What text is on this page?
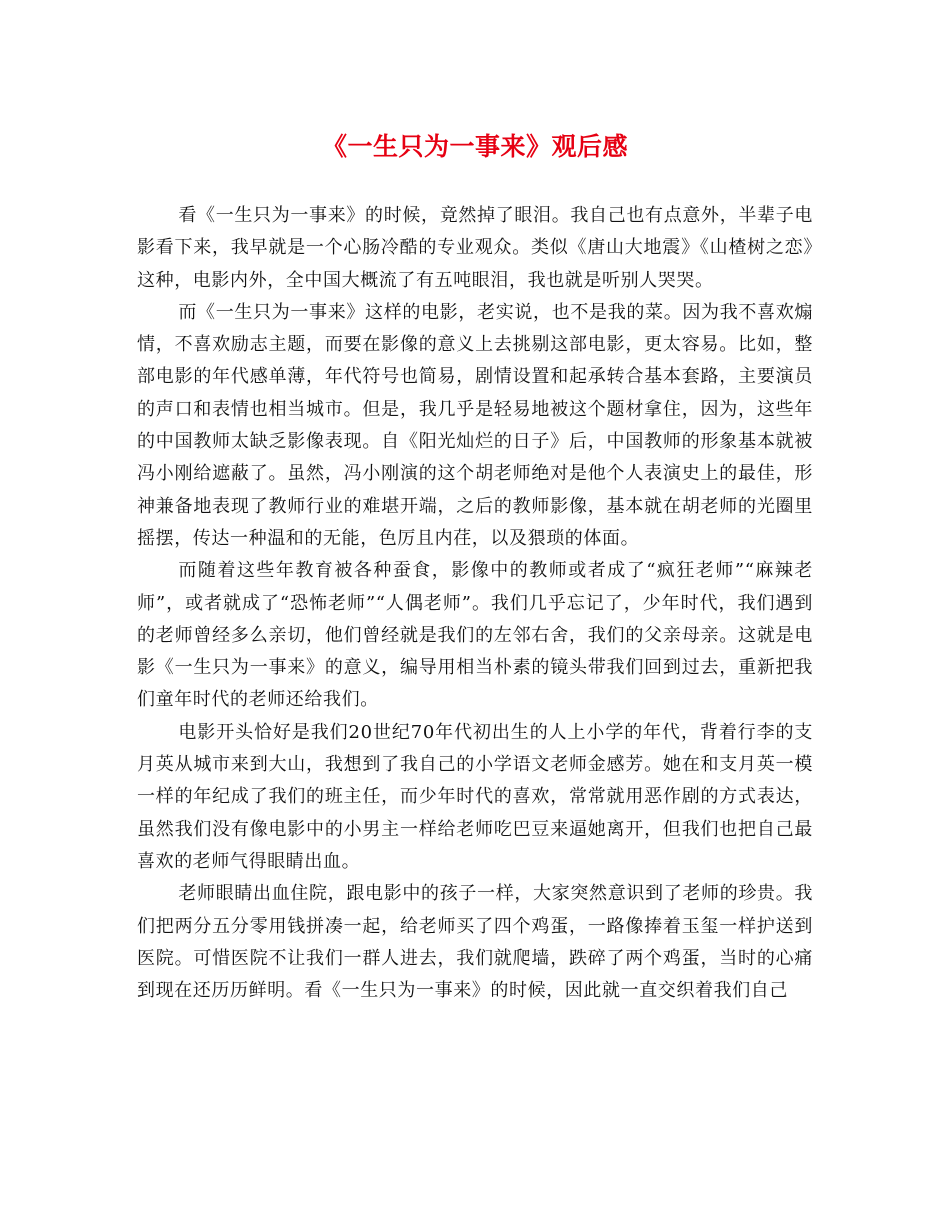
《一生只为一事来》观后感

看《一生只为一事来》的时候，竟然掉了眼泪。我自己也有点意外，半辈子电影看下来，我早就是一个心肠冷酷的专业观众。类似《唐山大地震》《山楂树之恋》这种，电影内外，全中国大概流了有五吨眼泪，我也就是听别人哭哭。

而《一生只为一事来》这样的电影，老实说，也不是我的菜。因为我不喜欢煽情，不喜欢励志主题，而要在影像的意义上去挑剔这部电影，更太容易。比如，整部电影的年代感单薄，年代符号也简易，剧情设置和起承转合基本套路，主要演员的声口和表情也相当城市。但是，我几乎是轻易地被这个题材拿住，因为，这些年的中国教师太缺乏影像表现。自《阳光灿烂的日子》后，中国教师的形象基本就被冯小刚给遮蔽了。虽然，冯小刚演的这个胡老师绝对是他个人表演史上的最佳，形神兼备地表现了教师行业的难堪开端，之后的教师影像，基本就在胡老师的光圈里摇摆，传达一种温和的无能，色厉且内荏，以及猥琐的体面。

而随着这些年教育被各种蚕食，影像中的教师或者成了“疯狂老师”“麻辣老师”，或者就成了“恐怖老师”“人偶老师”。我们几乎忘记了，少年时代，我们遇到的老师曾经多么亲切，他们曾经就是我们的左邻右舍，我们的父亲母亲。这就是电影《一生只为一事来》的意义，编导用相当朴素的镜头带我们回到过去，重新把我们童年时代的老师还给我们。

电影开头恰好是我们20世纪70年代初出生的人上小学的年代，背着行李的支月英从城市来到大山，我想到了我自己的小学语文老师金感芳。她在和支月英一模一样的年纪成了我们的班主任，而少年时代的喜欢，常常就用恶作剧的方式表达，虽然我们没有像电影中的小男主一样给老师吃巴豆来逼她离开，但我们也把自己最喜欢的老师气得眼睛出血。

老师眼睛出血住院，跟电影中的孩子一样，大家突然意识到了老师的珍贵。我们把两分五分零用钱拼凑一起，给老师买了四个鸡蛋，一路像捧着玉玺一样护送到医院。可惜医院不让我们一群人进去，我们就爬墙，跌碎了两个鸡蛋，当时的心痛到现在还历历鲜明。看《一生只为一事来》的时候，因此就一直交织着我们自己
